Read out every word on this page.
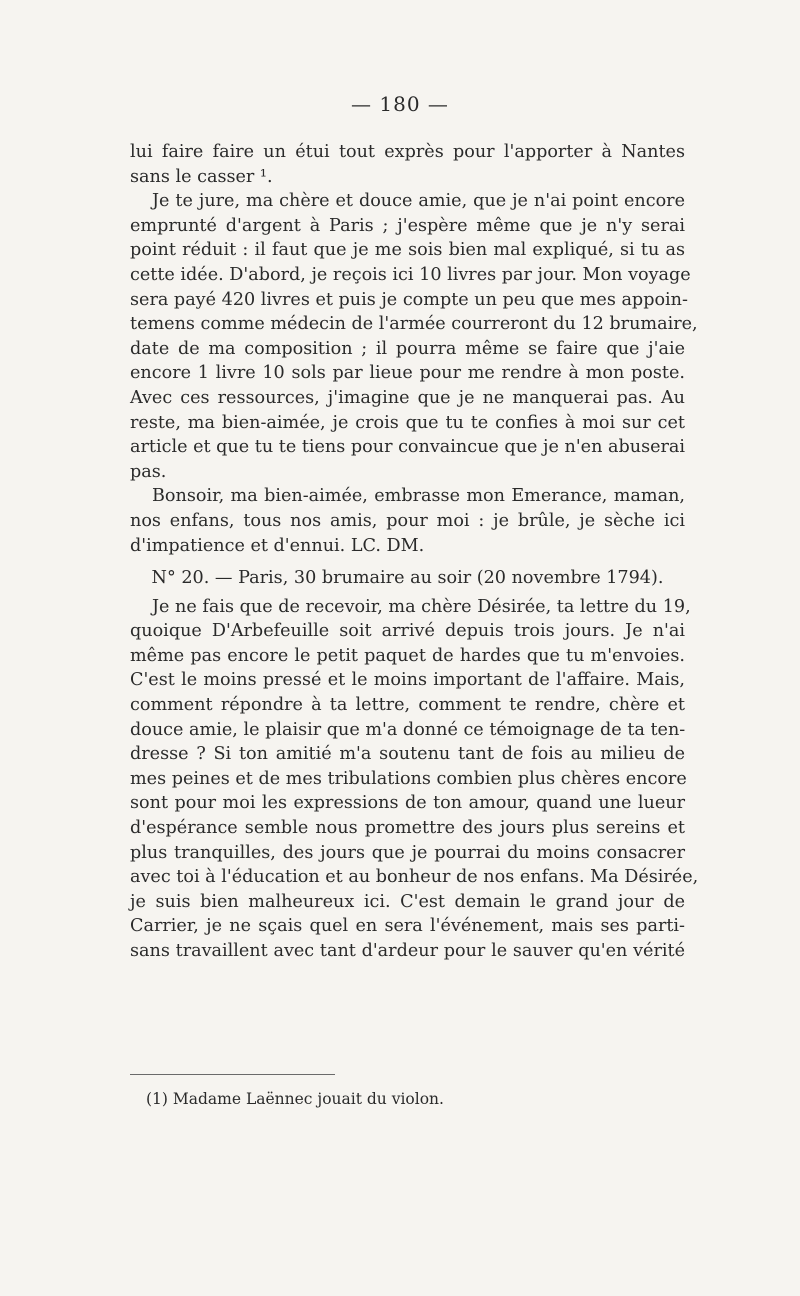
— 180 —
lui faire faire un étui tout exprès pour l'apporter à Nantes
sans le casser ¹.
Je te jure, ma chère et douce amie, que je n'ai point encore
emprunté d'argent à Paris ; j'espère même que je n'y serai
point réduit : il faut que je me sois bien mal expliqué, si tu as
cette idée. D'abord, je reçois ici 10 livres par jour. Mon voyage
sera payé 420 livres et puis je compte un peu que mes appoin-
temens comme médecin de l'armée courreront du 12 brumaire,
date de ma composition ; il pourra même se faire que j'aie
encore 1 livre 10 sols par lieue pour me rendre à mon poste.
Avec ces ressources, j'imagine que je ne manquerai pas. Au
reste, ma bien-aimée, je crois que tu te confies à moi sur cet
article et que tu te tiens pour convaincue que je n'en abuserai
pas.
Bonsoir, ma bien-aimée, embrasse mon Emerance, maman,
nos enfans, tous nos amis, pour moi : je brûle, je sèche ici
d'impatience et d'ennui. LC. DM.
N° 20. — Paris, 30 brumaire au soir (20 novembre 1794).
Je ne fais que de recevoir, ma chère Désirée, ta lettre du 19,
quoique D'Arbefeuille soit arrivé depuis trois jours. Je n'ai
même pas encore le petit paquet de hardes que tu m'envoies.
C'est le moins pressé et le moins important de l'affaire. Mais,
comment répondre à ta lettre, comment te rendre, chère et
douce amie, le plaisir que m'a donné ce témoignage de ta ten-
dresse ? Si ton amitié m'a soutenu tant de fois au milieu de
mes peines et de mes tribulations combien plus chères encore
sont pour moi les expressions de ton amour, quand une lueur
d'espérance semble nous promettre des jours plus sereins et
plus tranquilles, des jours que je pourrai du moins consacrer
avec toi à l'éducation et au bonheur de nos enfans. Ma Désirée,
je suis bien malheureux ici. C'est demain le grand jour de
Carrier, je ne sçais quel en sera l'événement, mais ses parti-
sans travaillent avec tant d'ardeur pour le sauver qu'en vérité
(1) Madame Laënnec jouait du violon.
